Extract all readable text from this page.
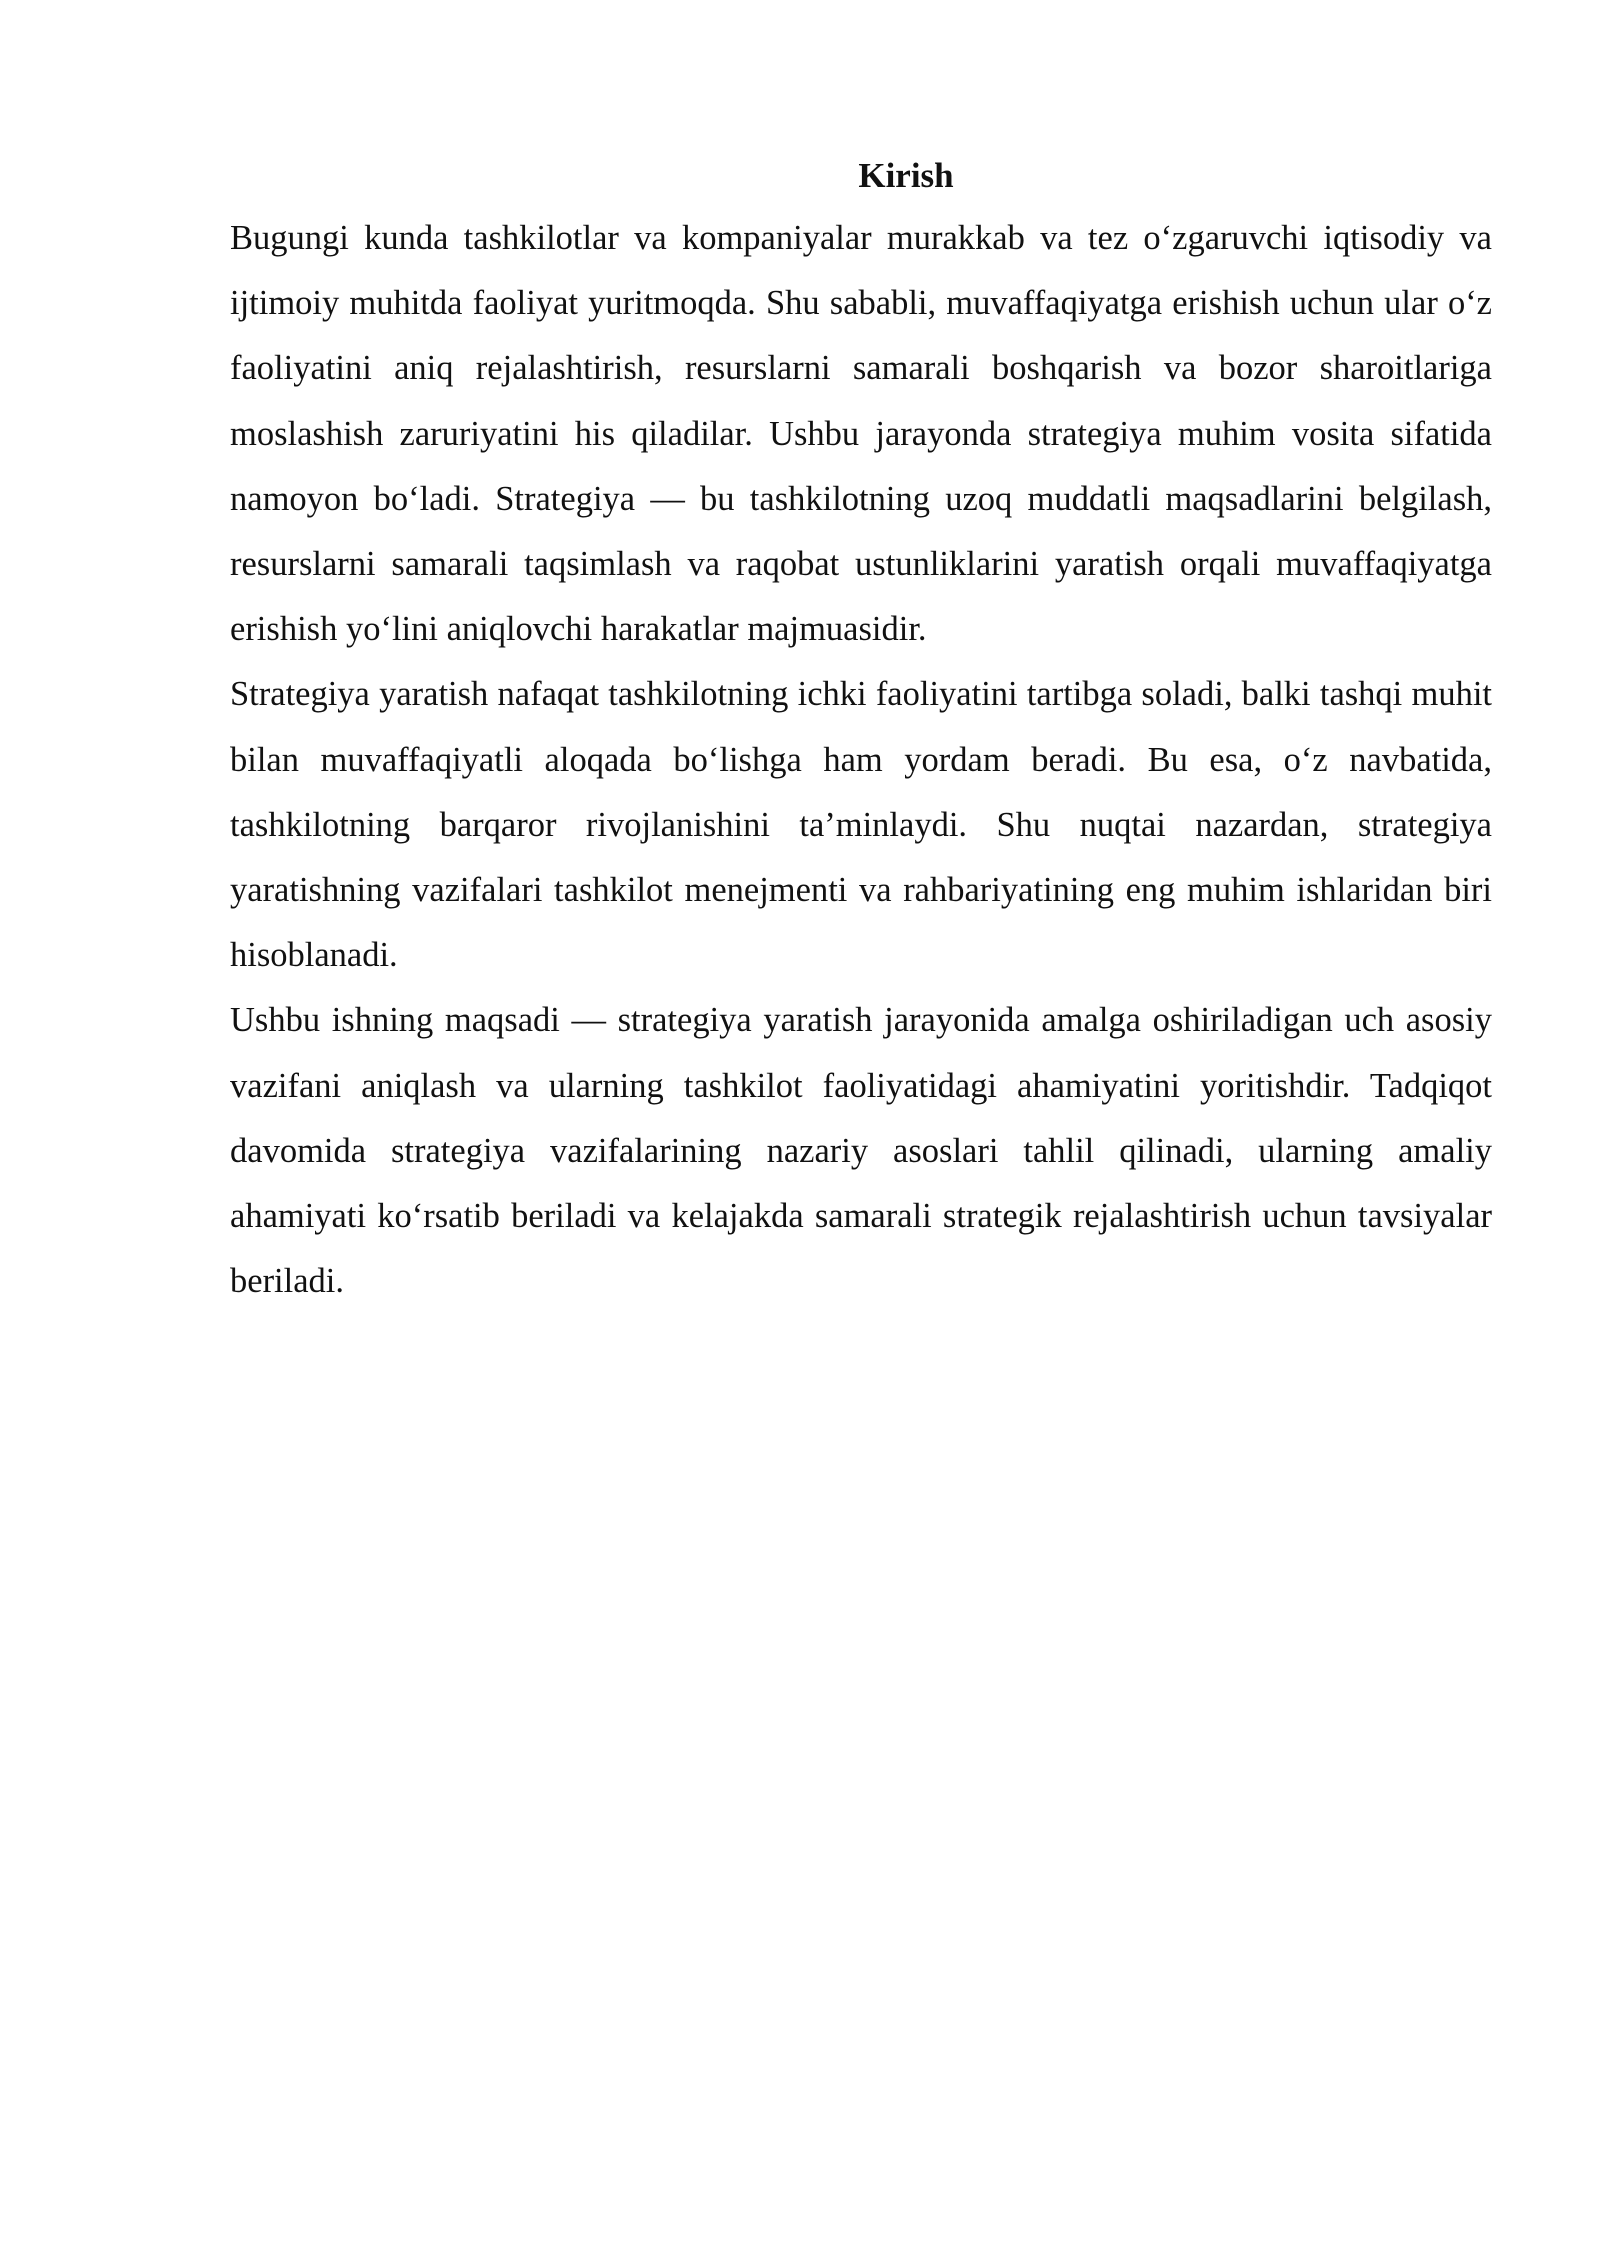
Kirish

Bugungi kunda tashkilotlar va kompaniyalar murakkab va tez o‘zgaruvchi iqtisodiy va ijtimoiy muhitda faoliyat yuritmoqda. Shu sababli, muvaffaqiyatga erishish uchun ular o‘z faoliyatini aniq rejalashtirish, resurslarni samarali boshqarish va bozor sharoitlariga moslashish zaruriyatini his qiladilar. Ushbu jarayonda strategiya muhim vosita sifatida namoyon bo‘ladi. Strategiya — bu tashkilotning uzoq muddatli maqsadlarini belgilash, resurslarni samarali taqsimlash va raqobat ustunliklarini yaratish orqali muvaffaqiyatga erishish yo‘lini aniqlovchi harakatlar majmuasidir.

Strategiya yaratish nafaqat tashkilotning ichki faoliyatini tartibga soladi, balki tashqi muhit bilan muvaffaqiyatli aloqada bo‘lishga ham yordam beradi. Bu esa, o‘z navbatida, tashkilotning barqaror rivojlanishini ta’minlaydi. Shu nuqtai nazardan, strategiya yaratishning vazifalari tashkilot menejmenti va rahbariyatining eng muhim ishlaridan biri hisoblanadi.

Ushbu ishning maqsadi — strategiya yaratish jarayonida amalga oshiriladigan uch asosiy vazifani aniqlash va ularning tashkilot faoliyatidagi ahamiyatini yoritishdir. Tadqiqot davomida strategiya vazifalarining nazariy asoslari tahlil qilinadi, ularning amaliy ahamiyati ko‘rsatib beriladi va kelajakda samarali strategik rejalashtirish uchun tavsiyalar beriladi.
